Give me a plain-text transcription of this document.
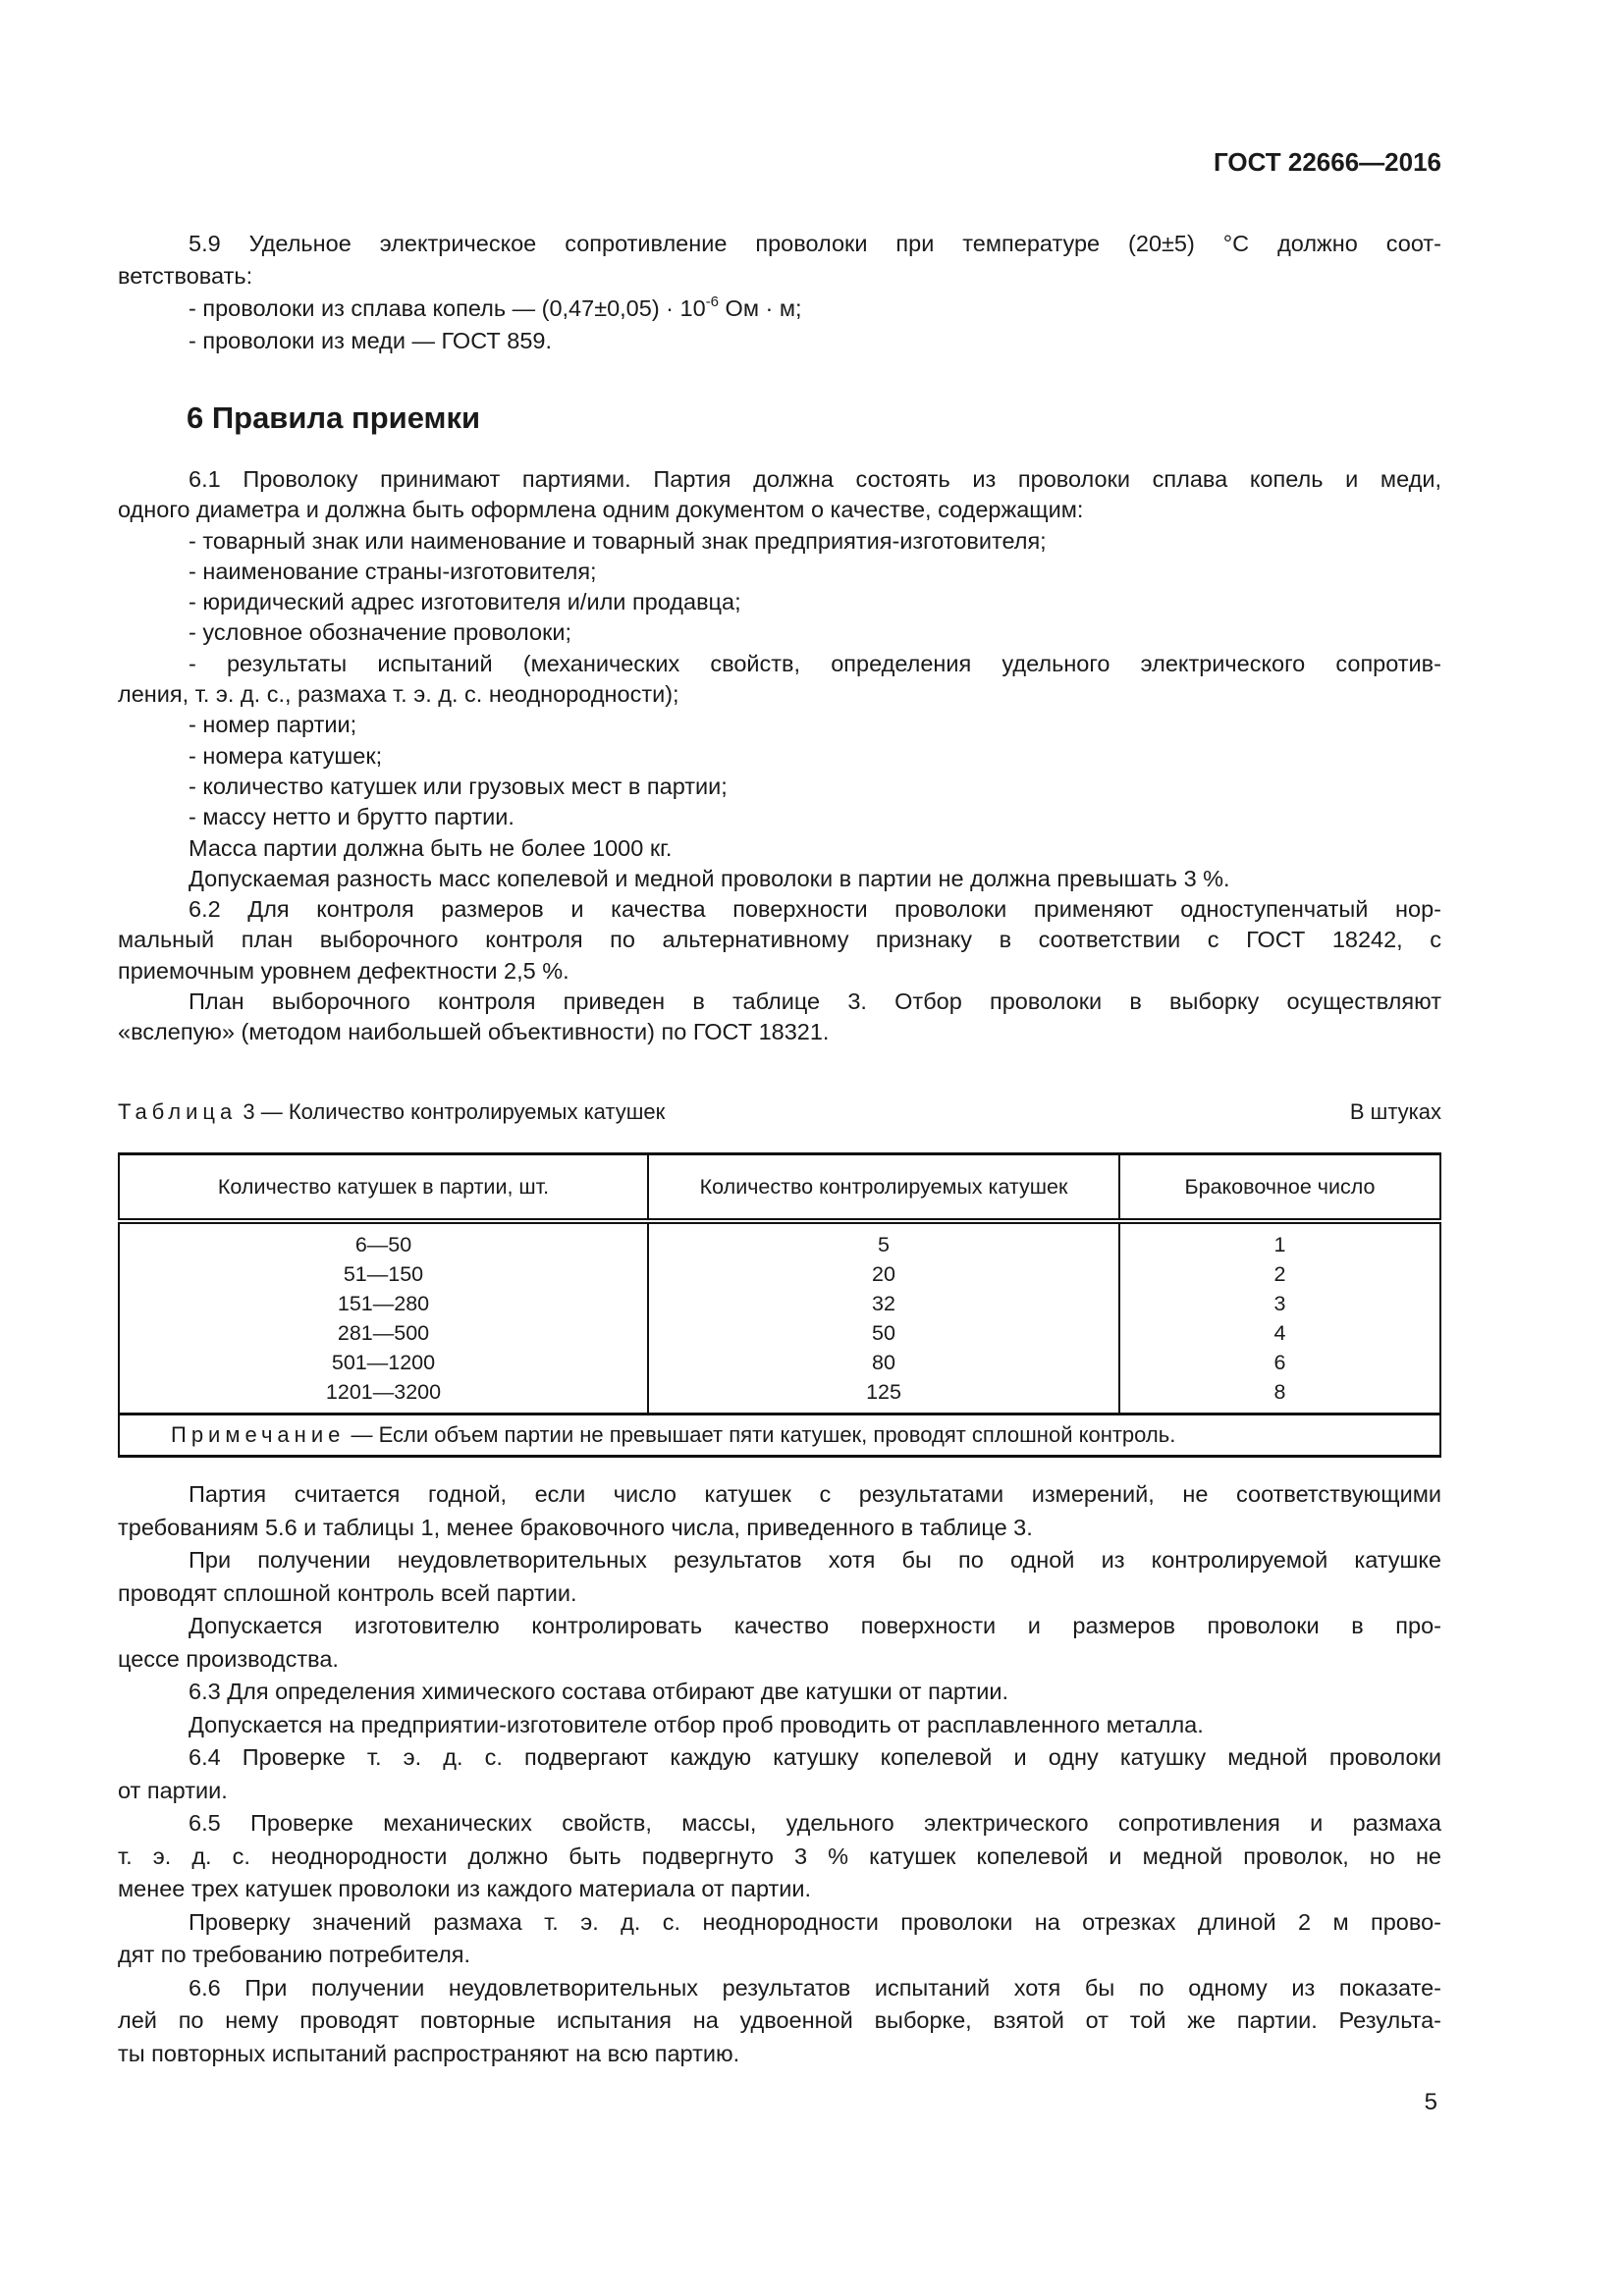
ГОСТ 22666—2016
5.9 Удельное электрическое сопротивление проволоки при температуре (20±5) °С должно соот-
ветствовать:
- проволоки из сплава копель — $(0,47\pm 0,05) \cdot 10^{-6}$ Ом · м;
- проволоки из меди — ГОСТ 859.
6 Правила приемки
6.1 Проволоку принимают партиями. Партия должна состоять из проволоки сплава копель и меди,
одного диаметра и должна быть оформлена одним документом о качестве, содержащим:
- товарный знак или наименование и товарный знак предприятия-изготовителя;
- наименование страны-изготовителя;
- юридический адрес изготовителя и/или продавца;
- условное обозначение проволоки;
- результаты испытаний (механических свойств, определения удельного электрического сопротив-
ления, т. э. д. с., размаха т. э. д. с. неоднородности);
- номер партии;
- номера катушек;
- количество катушек или грузовых мест в партии;
- массу нетто и брутто партии.
Масса партии должна быть не более 1000 кг.
Допускаемая разность масс копелевой и медной проволоки в партии не должна превышать 3 %.
6.2 Для контроля размеров и качества поверхности проволоки применяют одноступенчатый нор-
мальный план выборочного контроля по альтернативному признаку в соответствии с ГОСТ 18242, с
приемочным уровнем дефектности 2,5 %.
План выборочного контроля приведен в таблице 3. Отбор проволоки в выборку осуществляют
«вслепую» (методом наибольшей объективности) по ГОСТ 18321.
Таблица 3 — Количество контролируемых катушек	В штуках
Количество катушек в партии, шт.	Количество контролируемых катушек	Браковочное число
6—50	5	1
51—150	20	2
151—280	32	3
281—500	50	4
501—1200	80	6
1201—3200	125	8
Примечание — Если объем партии не превышает пяти катушек, проводят сплошной контроль.		
Партия считается годной, если число катушек с результатами измерений, не соответствующими
требованиям 5.6 и таблицы 1, менее браковочного числа, приведенного в таблице 3.
При получении неудовлетворительных результатов хотя бы по одной из контролируемой катушке
проводят сплошной контроль всей партии.
Допускается изготовителю контролировать качество поверхности и размеров проволоки в про-
цессе производства.
6.3 Для определения химического состава отбирают две катушки от партии.
Допускается на предприятии-изготовителе отбор проб проводить от расплавленного металла.
6.4 Проверке т. э. д. с. подвергают каждую катушку копелевой и одну катушку медной проволоки
от партии.
6.5 Проверке механических свойств, массы, удельного электрического сопротивления и размаха
т. э. д. с. неоднородности должно быть подвергнуто 3 % катушек копелевой и медной проволок, но не
менее трех катушек проволоки из каждого материала от партии.
Проверку значений размаха т. э. д. с. неоднородности проволоки на отрезках длиной 2 м прово-
дят по требованию потребителя.
6.6 При получении неудовлетворительных результатов испытаний хотя бы по одному из показате-
лей по нему проводят повторные испытания на удвоенной выборке, взятой от той же партии. Результа-
ты повторных испытаний распространяют на всю партию.
5
